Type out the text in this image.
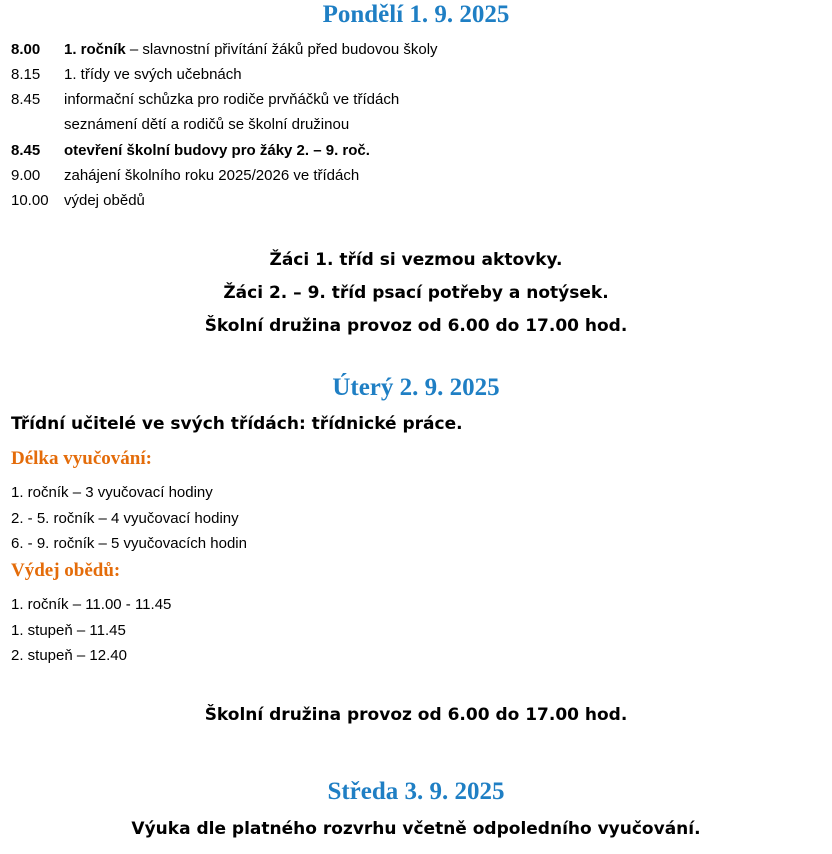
Pondělí 1. 9. 2025
8.00 1. ročník – slavnostní přivítání žáků před budovou školy
8.15 1. třídy ve svých učebnách
8.45 informační schůzka pro rodiče prvňáčků ve třídách
seznámení dětí a rodičů se školní družinou
8.45 otevření školní budovy pro žáky 2. – 9. roč.
9.00 zahájení školního roku 2025/2026 ve třídách
10.00 výdej obědů

Žáci 1. tříd si vezmou aktovky.

Žáci 2. – 9. tříd psací potřeby a notýsek.

Školní družina provoz od 6.00 do 17.00 hod.

Úterý 2. 9. 2025

Třídní učitelé ve svých třídách: třídnické práce.

Délka vyučování:

1. ročník – 3 vyučovací hodiny
2. - 5. ročník – 4 vyučovací hodiny
6. - 9. ročník – 5 vyučovacích hodin

Výdej obědů:

1. ročník – 11.00 - 11.45
1. stupeň – 11.45
2. stupeň – 12.40

Školní družina provoz od 6.00 do 17.00 hod.

Středa 3. 9. 2025

Výuka dle platného rozvrhu včetně odpoledního vyučování.
